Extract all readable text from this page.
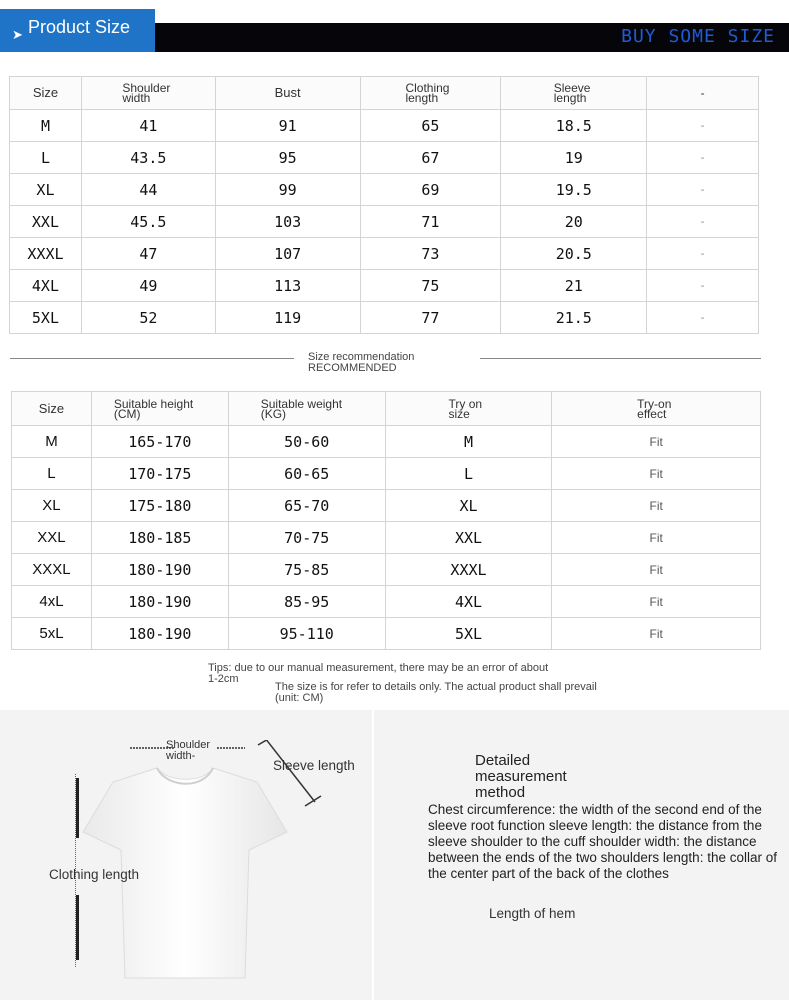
➤ Product Size	BUY SOME SIZE
Size	Shoulder width	Bust	Clothing length	Sleeve length	-
M	41	91	65	18.5	-
L	43.5	95	67	19	-
XL	44	99	69	19.5	-
XXL	45.5	103	71	20	-
XXXL	47	107	73	20.5	-
4XL	49	113	75	21	-
5XL	52	119	77	21.5	-
Size recommendation RECOMMENDED
Size	Suitable height (CM)	Suitable weight (KG)	Try on size	Try-on effect
M	165-170	50-60	M	Fit
L	170-175	60-65	L	Fit
XL	175-180	65-70	XL	Fit
XXL	180-185	70-75	XXL	Fit
XXXL	180-190	75-85	XXXL	Fit
4xL	180-190	85-95	4XL	Fit
5xL	180-190	95-110	5XL	Fit
Tips: due to our manual measurement, there may be an error of about 1-2cm
The size is for refer to details only. The actual product shall prevail (unit: CM)
Shoulder width-
Sleeve length
Clothing length
Detailed measurement method
Chest circumference: the width of the second end of the sleeve root function sleeve length: the distance from the sleeve shoulder to the cuff shoulder width: the distance between the ends of the two shoulders length: the collar of the center part of the back of the clothes
Length of hem
